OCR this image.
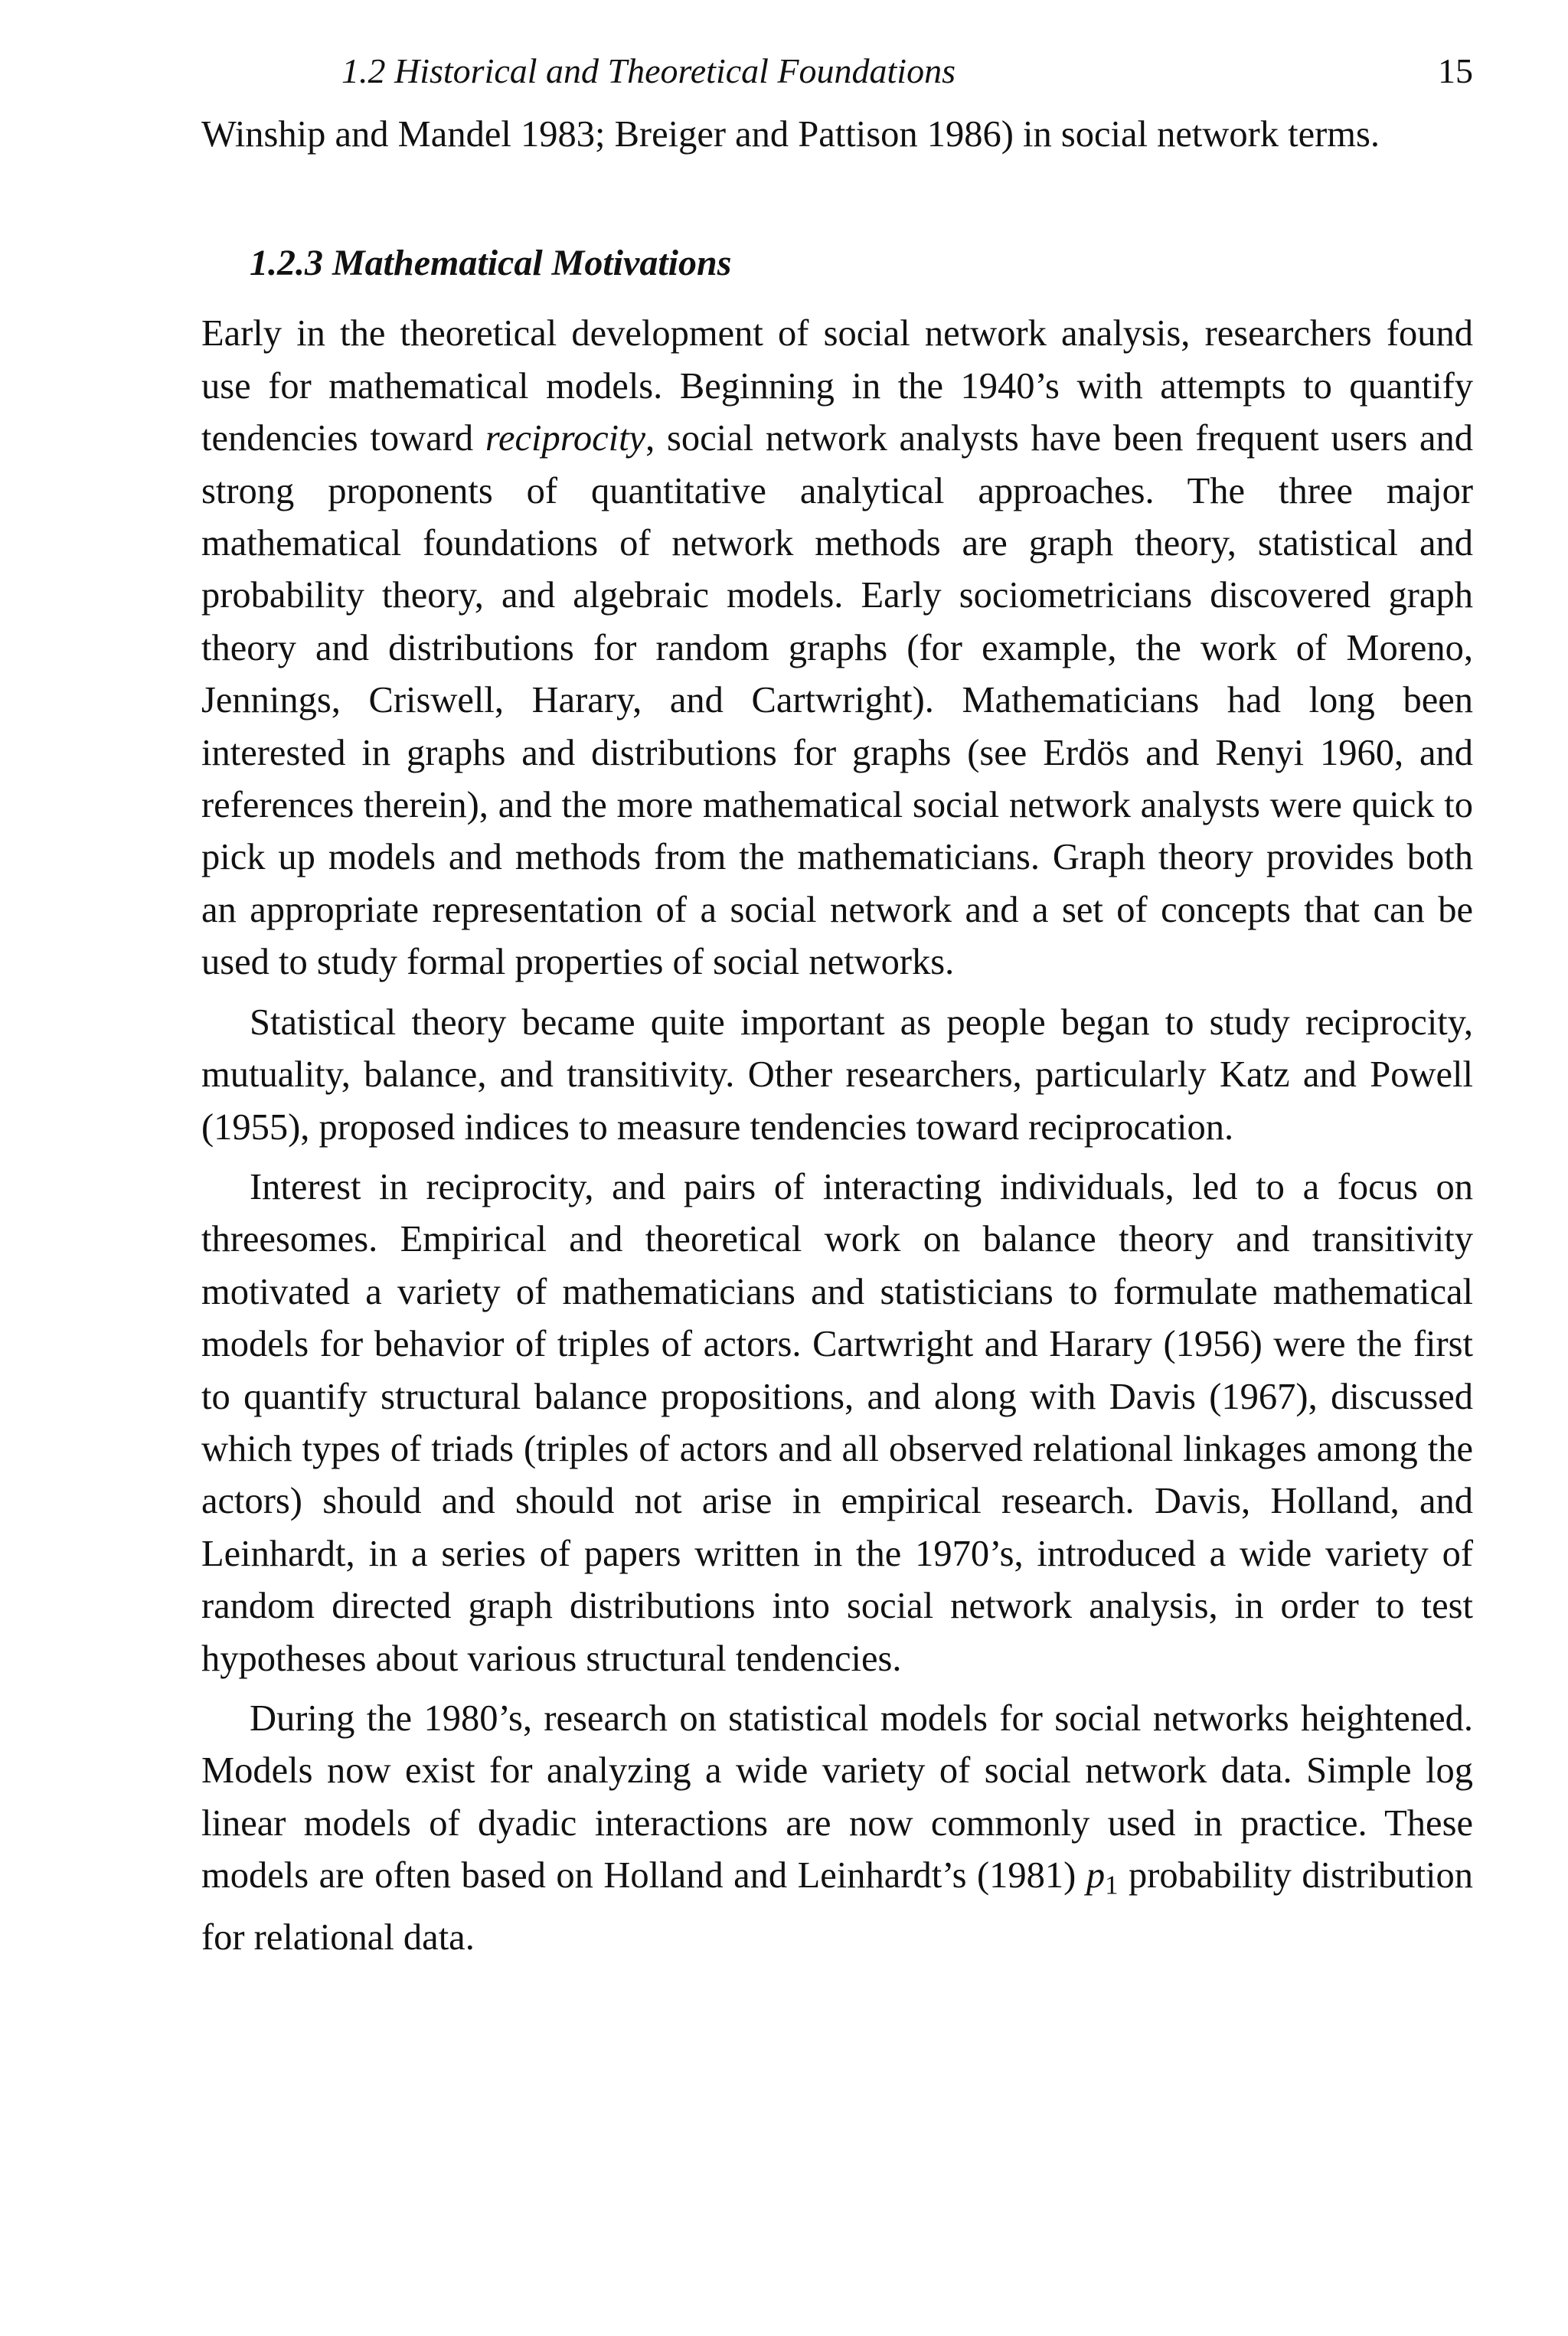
1.2 Historical and Theoretical Foundations	15

Winship and Mandel 1983; Breiger and Pattison 1986) in social network terms.

1.2.3 Mathematical Motivations

Early in the theoretical development of social network analysis, researchers found use for mathematical models. Beginning in the 1940’s with attempts to quantify tendencies toward reciprocity, social network analysts have been frequent users and strong proponents of quantitative analytical approaches. The three major mathematical foundations of network methods are graph theory, statistical and probability theory, and algebraic models. Early sociometricians discovered graph theory and distributions for random graphs (for example, the work of Moreno, Jennings, Criswell, Harary, and Cartwright). Mathematicians had long been interested in graphs and distributions for graphs (see Erdös and Renyi 1960, and references therein), and the more mathematical social network analysts were quick to pick up models and methods from the mathematicians. Graph theory provides both an appropriate representation of a social network and a set of concepts that can be used to study formal properties of social networks.

Statistical theory became quite important as people began to study reciprocity, mutuality, balance, and transitivity. Other researchers, particularly Katz and Powell (1955), proposed indices to measure tendencies toward reciprocation.

Interest in reciprocity, and pairs of interacting individuals, led to a focus on threesomes. Empirical and theoretical work on balance theory and transitivity motivated a variety of mathematicians and statisticians to formulate mathematical models for behavior of triples of actors. Cartwright and Harary (1956) were the first to quantify structural balance propositions, and along with Davis (1967), discussed which types of triads (triples of actors and all observed relational linkages among the actors) should and should not arise in empirical research. Davis, Holland, and Leinhardt, in a series of papers written in the 1970’s, introduced a wide variety of random directed graph distributions into social network analysis, in order to test hypotheses about various structural tendencies.

During the 1980’s, research on statistical models for social networks heightened. Models now exist for analyzing a wide variety of social network data. Simple log linear models of dyadic interactions are now commonly used in practice. These models are often based on Holland and Leinhardt’s (1981) $p_1$ probability distribution for relational data.
